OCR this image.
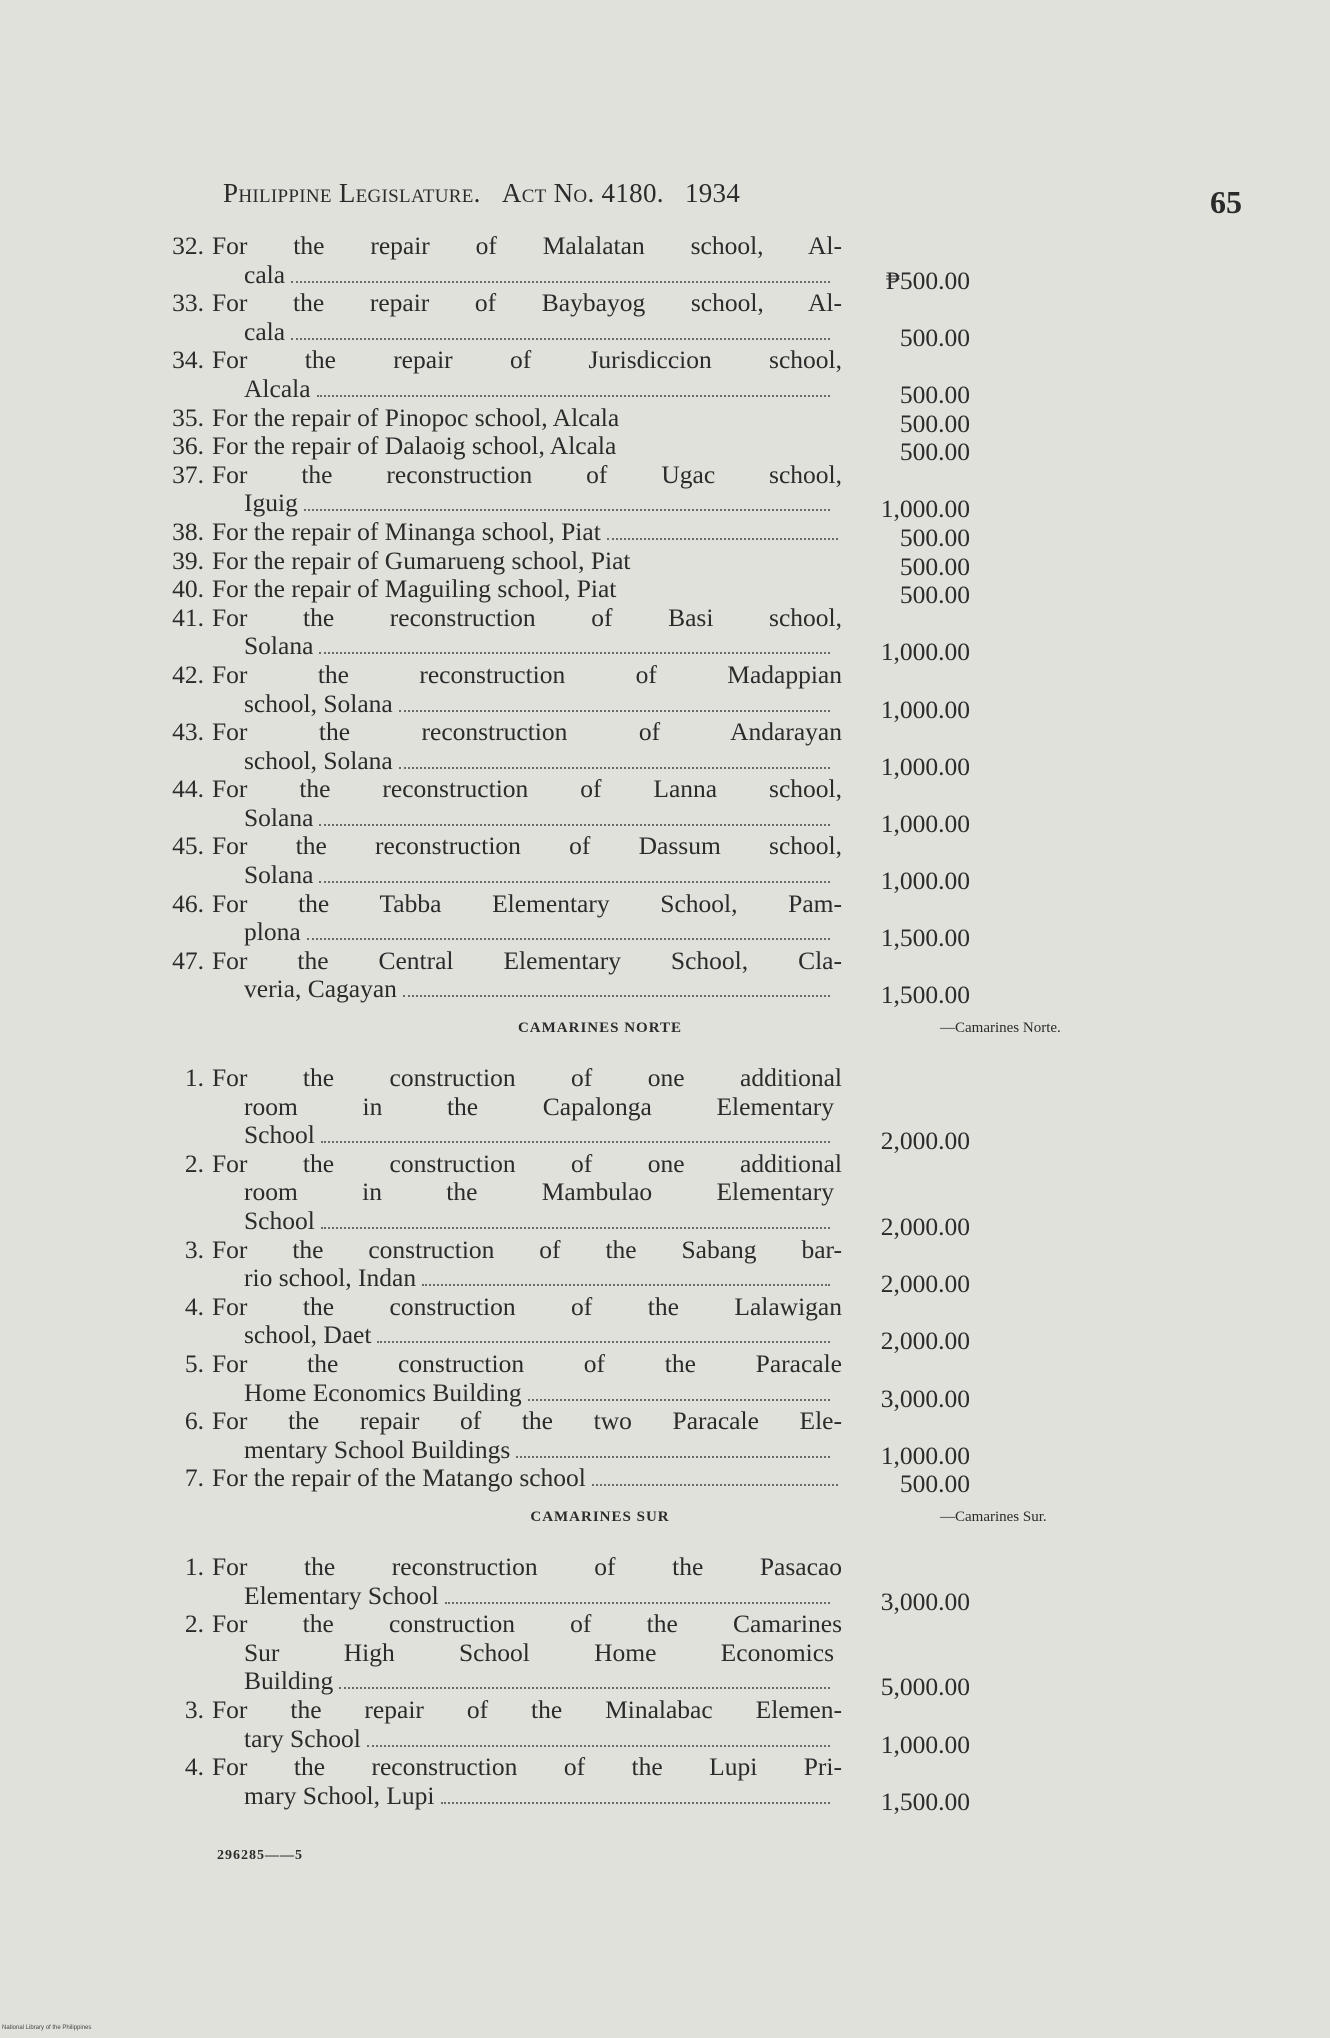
Philippine Legislature. Act No. 4180. 1934	65
32. For the repair of Malalatan school, Al-
cala	₱500.00
33. For the repair of Baybayog school, Al-
cala	500.00
34. For the repair of Jurisdiccion school,
Alcala	500.00
35. For the repair of Pinopoc school, Alcala	500.00
36. For the repair of Dalaoig school, Alcala	500.00
37. For the reconstruction of Ugac school,
Iguig	1,000.00
38. For the repair of Minanga school, Piat	500.00
39. For the repair of Gumarueng school, Piat	500.00
40. For the repair of Maguiling school, Piat	500.00
41. For the reconstruction of Basi school,
Solana	1,000.00
42. For the reconstruction of Madappian
school, Solana	1,000.00
43. For the reconstruction of Andarayan
school, Solana	1,000.00
44. For the reconstruction of Lanna school,
Solana	1,000.00
45. For the reconstruction of Dassum school,
Solana	1,000.00
46. For the Tabba Elementary School, Pam-
plona	1,500.00
47. For the Central Elementary School, Cla-
veria, Cagayan	1,500.00
CAMARINES NORTE	—Camarines Norte.
1. For the construction of one additional
room in the Capalonga Elementary
School	2,000.00
2. For the construction of one additional
room in the Mambulao Elementary
School	2,000.00
3. For the construction of the Sabang bar-
rio school, Indan	2,000.00
4. For the construction of the Lalawigan
school, Daet	2,000.00
5. For the construction of the Paracale
Home Economics Building	3,000.00
6. For the repair of the two Paracale Ele-
mentary School Buildings	1,000.00
7. For the repair of the Matango school	500.00
CAMARINES SUR	—Camarines Sur.
1. For the reconstruction of the Pasacao
Elementary School	3,000.00
2. For the construction of the Camarines
Sur High School Home Economics
Building	5,000.00
3. For the repair of the Minalabac Elemen-
tary School	1,000.00
4. For the reconstruction of the Lupi Pri-
mary School, Lupi	1,500.00
296285——5
National Library of the Philippines
